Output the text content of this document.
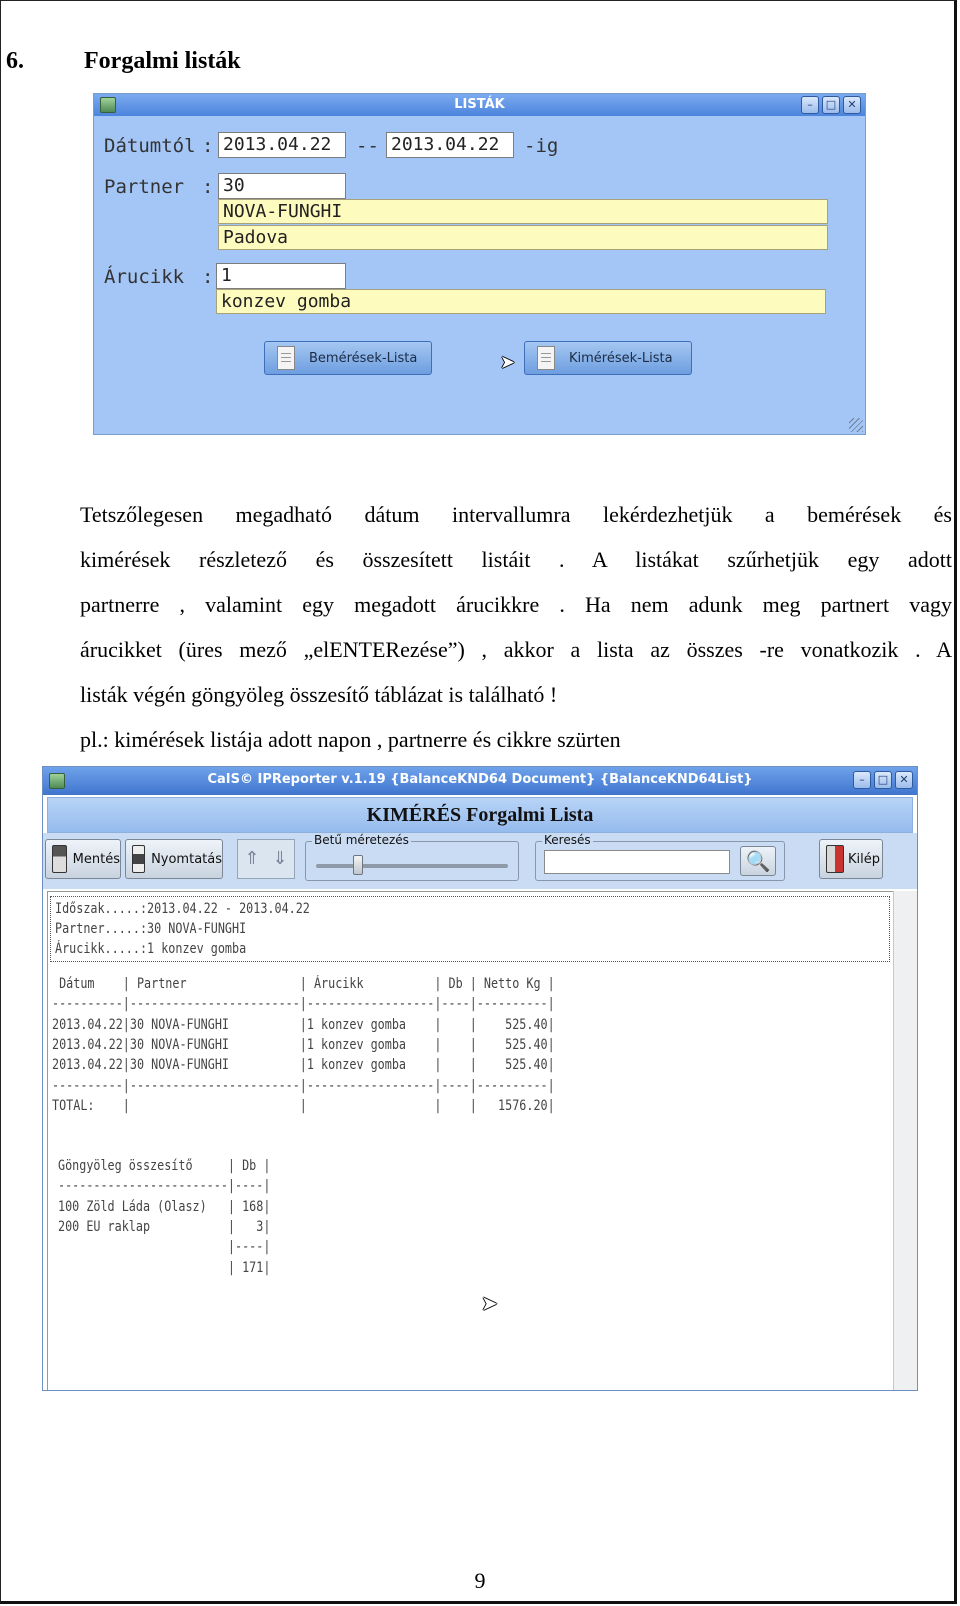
6.	Forgalmi listák
LISTÁK	–	□	✕
Dátumtól : 2013.04.22	-- 2013.04.22	-ig
Partner : 30
NOVA-FUNGHI
Padova
Árucikk : 1
konzev gomba
Bemérések-Lista	Kimérések-Lista
➤
Tetszőlegesen megadható dátum intervallumra lekérdezhetjük a bemérések és
kimérések részletező és összesített listáit . A listákat szűrhetjük egy adott
partnerre , valamint egy megadott árucikkre . Ha nem adunk meg partnert vagy
árucikket (üres mező „elENTERezése”) , akkor a lista az összes -re vonatkozik . A
listák végén göngyöleg összesítő táblázat is található !
pl.: kimérések listája adott napon , partnerre és cikkre szürten
CaIS© IPReporter v.1.19 {BalanceKND64 Document} {BalanceKND64List}	–	□	✕
KIMÉRÉS Forgalmi Lista
Mentés Nyomtatás	⇑ ⇓
Betű méretezés	Keresés
🔍	Kilép
Időszak.....:2013.04.22 - 2013.04.22
Partner.....:30 NOVA-FUNGHI
Árucikk.....:1 konzev gomba
Dátum    | Partner                | Árucikk          | Db | Netto Kg |
----------|------------------------|------------------|----|----------|
2013.04.22|30 NOVA-FUNGHI          |1 konzev gomba    |    |    525.40|
2013.04.22|30 NOVA-FUNGHI          |1 konzev gomba    |    |    525.40|
2013.04.22|30 NOVA-FUNGHI          |1 konzev gomba    |    |    525.40|
----------|------------------------|------------------|----|----------|
TOTAL:    |                        |                  |    |   1576.20|
Göngyöleg összesítő     | Db |
------------------------|----|
100 Zöld Láda (Olasz)   | 168|
200 EU raklap           |   3|
|----|
| 171|
➤
9
